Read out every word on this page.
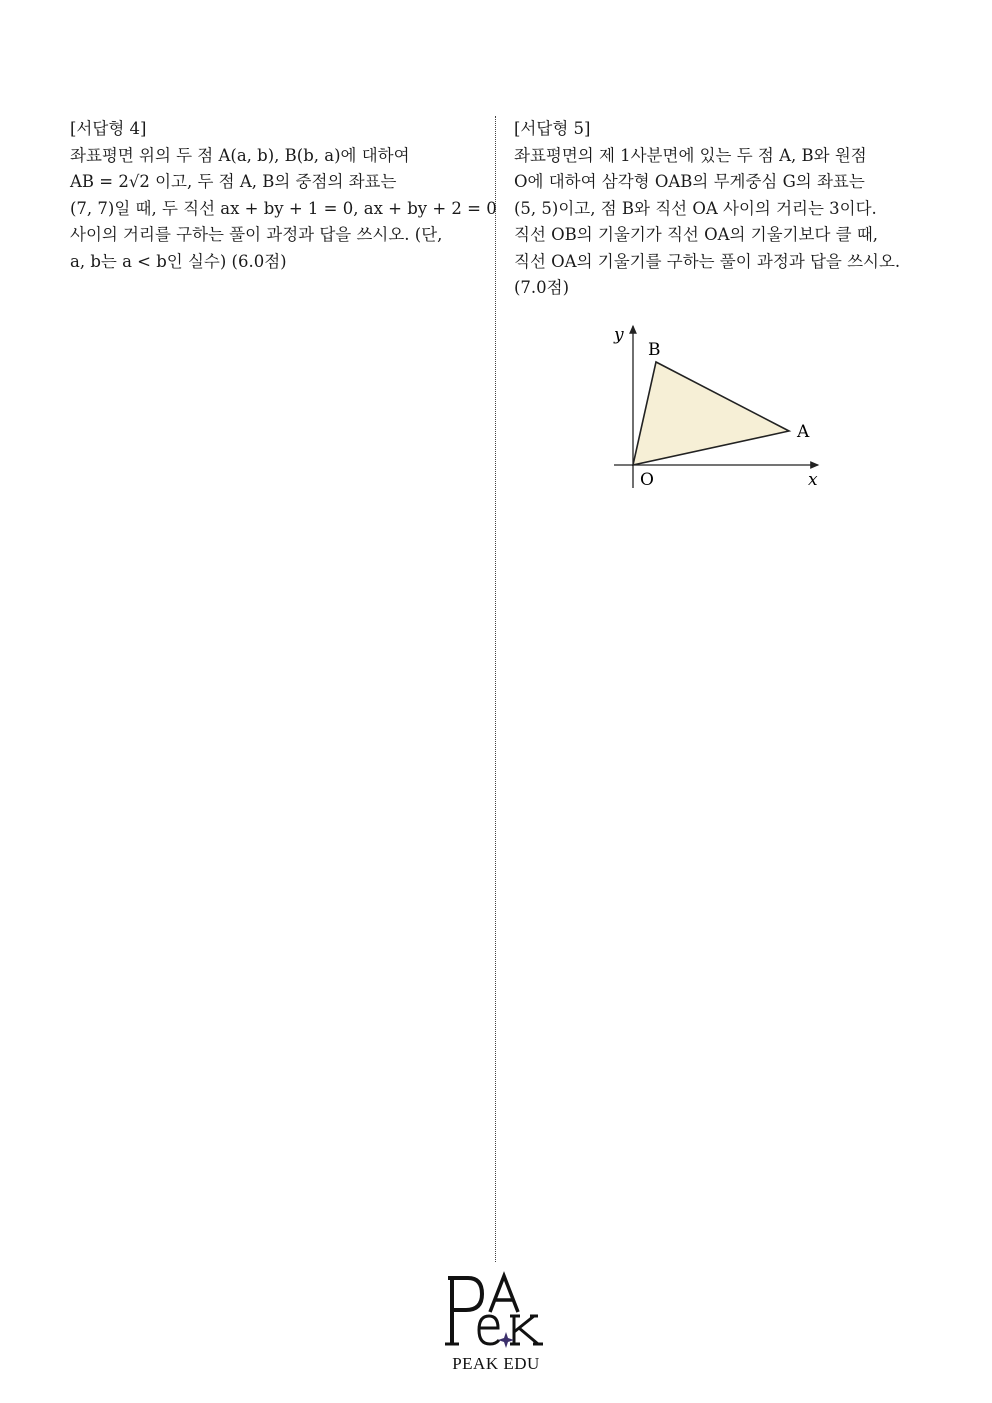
[서답형 4]

좌표평면 위의 두 점 A(a, b), B(b, a)에 대하여

AB = 2√2 이고, 두 점 A, B의 중점의 좌표는

(7, 7)일 때, 두 직선 ax + by + 1 = 0, ax + by + 2 = 0

사이의 거리를 구하는 풀이 과정과 답을 쓰시오. (단,

a, b는 a < b인 실수) (6.0점)

[서답형 5]

좌표평면의 제 1사분면에 있는 두 점 A, B와 원점

O에 대하여 삼각형 OAB의 무게중심 G의 좌표는

(5, 5)이고, 점 B와 직선 OA 사이의 거리는 3이다.

직선 OB의 기울기가 직선 OA의 기울기보다 클 때,

직선 OA의 기울기를 구하는 풀이 과정과 답을 쓰시오.

(7.0점)

y
x
O
A
B
PEAK EDU
